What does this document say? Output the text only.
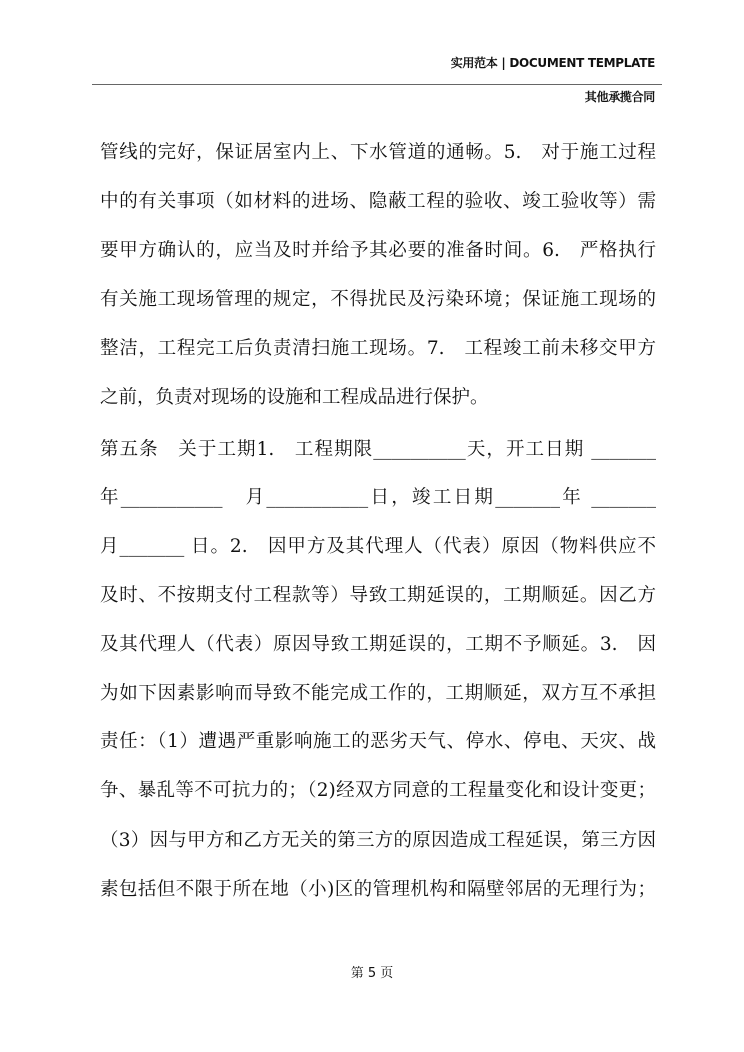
实用范本 | DOCUMENT TEMPLATE
其他承揽合同
管线的完好，保证居室内上、下水管道的通畅。5.　对于施工过程
中的有关事项（如材料的进场、隐蔽工程的验收、竣工验收等）需
要甲方确认的，应当及时并给予其必要的准备时间。6.　严格执行
有关施工现场管理的规定，不得扰民及污染环境；保证施工现场的
整洁，工程完工后负责清扫施工现场。7.　工程竣工前未移交甲方
之前，负责对现场的设施和工程成品进行保护。
第五条　关于工期1.　工程期限__________天，开工日期 _______
年___________　月___________日，竣工日期_______年 _______
月_______ 日。2.　因甲方及其代理人（代表）原因（物料供应不
及时、不按期支付工程款等）导致工期延误的，工期顺延。因乙方
及其代理人（代表）原因导致工期延误的，工期不予顺延。3.　因
为如下因素影响而导致不能完成工作的，工期顺延，双方互不承担
责任：（1）遭遇严重影响施工的恶劣天气、停水、停电、天灾、战
争、暴乱等不可抗力的；（2)经双方同意的工程量变化和设计变更；
（3）因与甲方和乙方无关的第三方的原因造成工程延误，第三方因
素包括但不限于所在地（小)区的管理机构和隔壁邻居的无理行为；
第 5 页
